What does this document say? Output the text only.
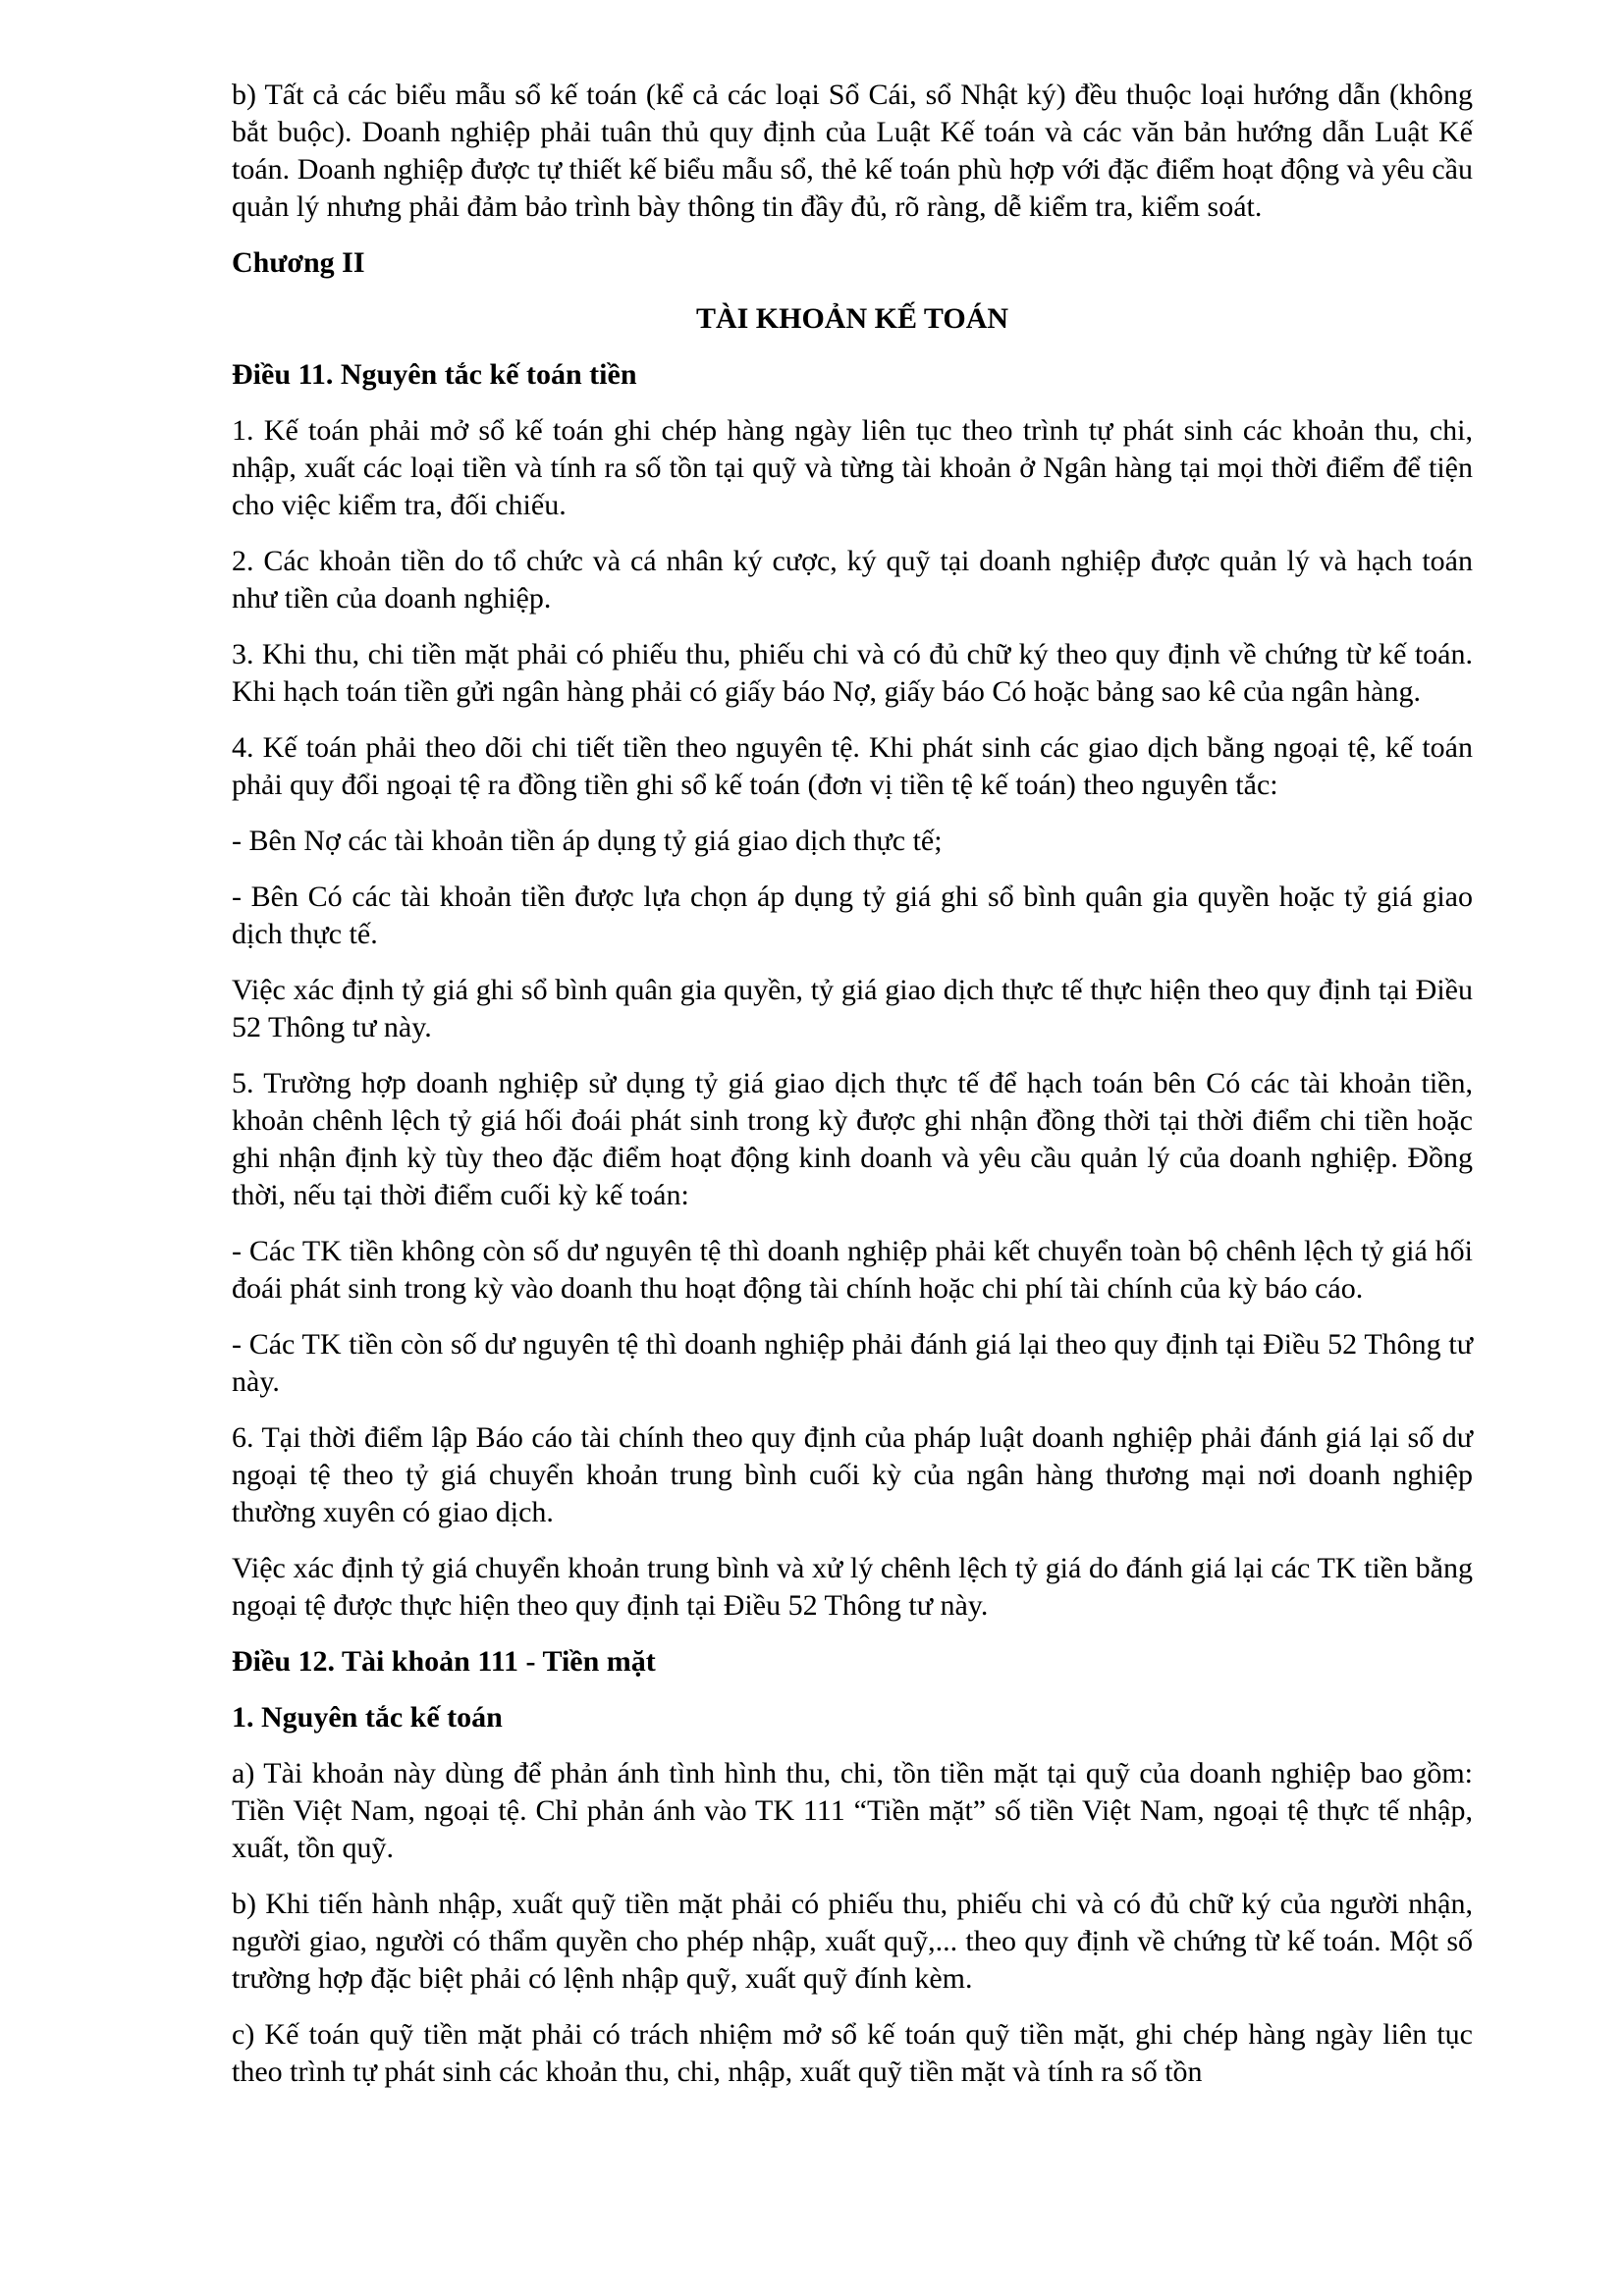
b) Tất cả các biểu mẫu sổ kế toán (kể cả các loại Sổ Cái, sổ Nhật ký) đều thuộc loại hướng dẫn (không bắt buộc). Doanh nghiệp phải tuân thủ quy định của Luật Kế toán và các văn bản hướng dẫn Luật Kế toán. Doanh nghiệp được tự thiết kế biểu mẫu sổ, thẻ kế toán phù hợp với đặc điểm hoạt động và yêu cầu quản lý nhưng phải đảm bảo trình bày thông tin đầy đủ, rõ ràng, dễ kiểm tra, kiểm soát.

Chương II

TÀI KHOẢN KẾ TOÁN

Điều 11. Nguyên tắc kế toán tiền

1. Kế toán phải mở sổ kế toán ghi chép hàng ngày liên tục theo trình tự phát sinh các khoản thu, chi, nhập, xuất các loại tiền và tính ra số tồn tại quỹ và từng tài khoản ở Ngân hàng tại mọi thời điểm để tiện cho việc kiểm tra, đối chiếu.

2. Các khoản tiền do tổ chức và cá nhân ký cược, ký quỹ tại doanh nghiệp được quản lý và hạch toán như tiền của doanh nghiệp.

3. Khi thu, chi tiền mặt phải có phiếu thu, phiếu chi và có đủ chữ ký theo quy định về chứng từ kế toán. Khi hạch toán tiền gửi ngân hàng phải có giấy báo Nợ, giấy báo Có hoặc bảng sao kê của ngân hàng.

4. Kế toán phải theo dõi chi tiết tiền theo nguyên tệ. Khi phát sinh các giao dịch bằng ngoại tệ, kế toán phải quy đổi ngoại tệ ra đồng tiền ghi sổ kế toán (đơn vị tiền tệ kế toán) theo nguyên tắc:

- Bên Nợ các tài khoản tiền áp dụng tỷ giá giao dịch thực tế;

- Bên Có các tài khoản tiền được lựa chọn áp dụng tỷ giá ghi sổ bình quân gia quyền hoặc tỷ giá giao dịch thực tế.

Việc xác định tỷ giá ghi sổ bình quân gia quyền, tỷ giá giao dịch thực tế thực hiện theo quy định tại Điều 52 Thông tư này.

5. Trường hợp doanh nghiệp sử dụng tỷ giá giao dịch thực tế để hạch toán bên Có các tài khoản tiền, khoản chênh lệch tỷ giá hối đoái phát sinh trong kỳ được ghi nhận đồng thời tại thời điểm chi tiền hoặc ghi nhận định kỳ tùy theo đặc điểm hoạt động kinh doanh và yêu cầu quản lý của doanh nghiệp. Đồng thời, nếu tại thời điểm cuối kỳ kế toán:

- Các TK tiền không còn số dư nguyên tệ thì doanh nghiệp phải kết chuyển toàn bộ chênh lệch tỷ giá hối đoái phát sinh trong kỳ vào doanh thu hoạt động tài chính hoặc chi phí tài chính của kỳ báo cáo.

- Các TK tiền còn số dư nguyên tệ thì doanh nghiệp phải đánh giá lại theo quy định tại Điều 52 Thông tư này.

6. Tại thời điểm lập Báo cáo tài chính theo quy định của pháp luật doanh nghiệp phải đánh giá lại số dư ngoại tệ theo tỷ giá chuyển khoản trung bình cuối kỳ của ngân hàng thương mại nơi doanh nghiệp thường xuyên có giao dịch.

Việc xác định tỷ giá chuyển khoản trung bình và xử lý chênh lệch tỷ giá do đánh giá lại các TK tiền bằng ngoại tệ được thực hiện theo quy định tại Điều 52 Thông tư này.

Điều 12. Tài khoản 111 - Tiền mặt

1. Nguyên tắc kế toán

a) Tài khoản này dùng để phản ánh tình hình thu, chi, tồn tiền mặt tại quỹ của doanh nghiệp bao gồm: Tiền Việt Nam, ngoại tệ. Chỉ phản ánh vào TK 111 “Tiền mặt” số tiền Việt Nam, ngoại tệ thực tế nhập, xuất, tồn quỹ.

b) Khi tiến hành nhập, xuất quỹ tiền mặt phải có phiếu thu, phiếu chi và có đủ chữ ký của người nhận, người giao, người có thẩm quyền cho phép nhập, xuất quỹ,... theo quy định về chứng từ kế toán. Một số trường hợp đặc biệt phải có lệnh nhập quỹ, xuất quỹ đính kèm.

c) Kế toán quỹ tiền mặt phải có trách nhiệm mở sổ kế toán quỹ tiền mặt, ghi chép hàng ngày liên tục theo trình tự phát sinh các khoản thu, chi, nhập, xuất quỹ tiền mặt và tính ra số tồn
